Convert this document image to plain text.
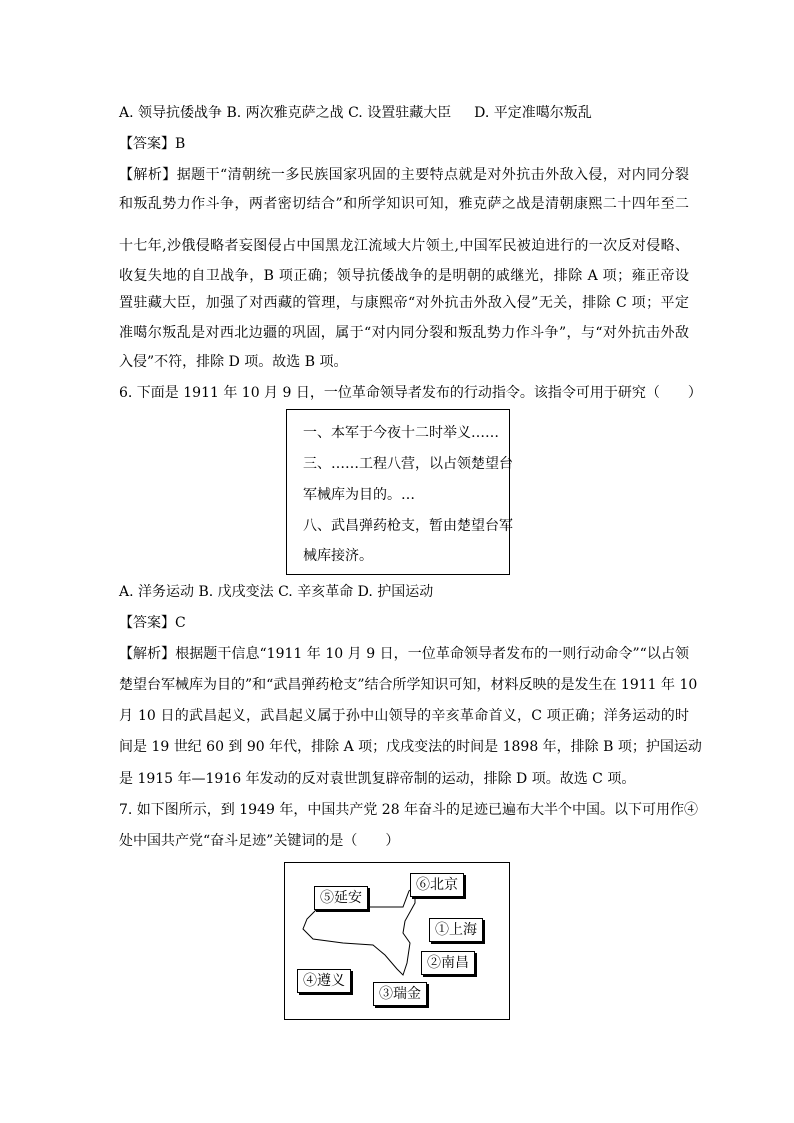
A. 领导抗倭战争 B. 两次雅克萨之战 C. 设置驻藏大臣 　 D. 平定准噶尔叛乱
【答案】B
【解析】据题干“清朝统一多民族国家巩固的主要特点就是对外抗击外敌入侵，对内同分裂
和叛乱势力作斗争，两者密切结合”和所学知识可知，雅克萨之战是清朝康熙二十四年至二
十七年,沙俄侵略者妄图侵占中国黑龙江流域大片领土,中国军民被迫进行的一次反对侵略、
收复失地的自卫战争，B 项正确；领导抗倭战争的是明朝的戚继光，排除 A 项；雍正帝设
置驻藏大臣，加强了对西藏的管理，与康熙帝“对外抗击外敌入侵”无关，排除 C 项；平定
准噶尔叛乱是对西北边疆的巩固，属于“对内同分裂和叛乱势力作斗争”，与“对外抗击外敌
入侵”不符，排除 D 项。故选 B 项。
6. 下面是 1911 年 10 月 9 日，一位革命领导者发布的行动指令。该指令可用于研究（　　）
一、本军于今夜十二时举义……
三、……工程八营，以占领楚望台
军械库为目的。…
八、武昌弹药枪支，暂由楚望台军
械库接济。
A. 洋务运动 B. 戊戌变法 C. 辛亥革命 D. 护国运动
【答案】C
【解析】根据题干信息“1911 年 10 月 9 日，一位革命领导者发布的一则行动命令”“以占领
楚望台军械库为目的”和“武昌弹药枪支”结合所学知识可知，材料反映的是发生在 1911 年 10
月 10 日的武昌起义，武昌起义属于孙中山领导的辛亥革命首义，C 项正确；洋务运动的时
间是 19 世纪 60 到 90 年代，排除 A 项；戊戌变法的时间是 1898 年，排除 B 项；护国运动
是 1915 年—1916 年发动的反对袁世凯复辟帝制的运动，排除 D 项。故选 C 项。
7. 如下图所示，到 1949 年，中国共产党 28 年奋斗的足迹已遍布大半个中国。以下可用作④
处中国共产党“奋斗足迹”关键词的是（　　）
⑤延安
⑥北京
①上海
②南昌
④遵义
③瑞金
